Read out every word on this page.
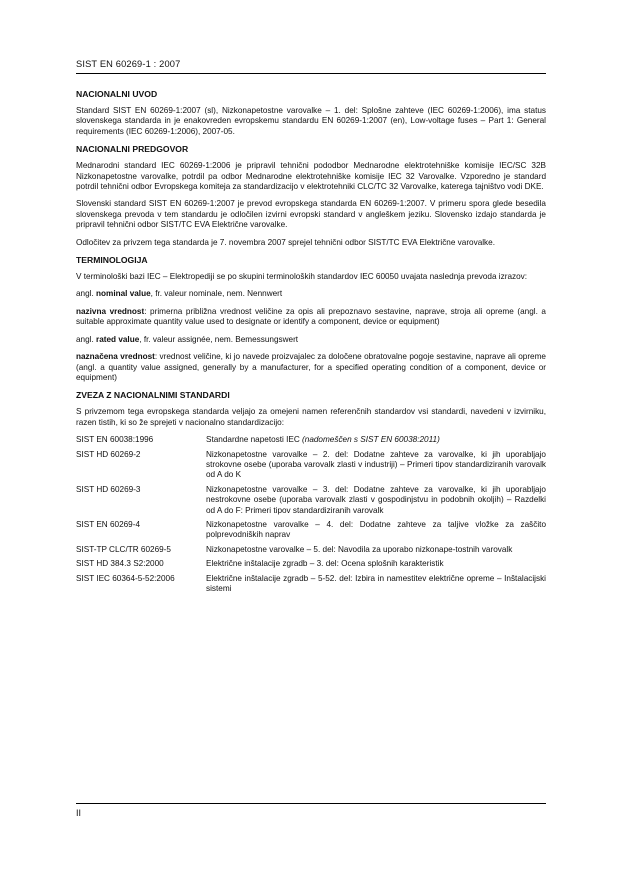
SIST EN 60269-1 : 2007
NACIONALNI UVOD

Standard SIST EN 60269-1:2007 (sl), Nizkonapetostne varovalke – 1. del: Splošne zahteve (IEC 60269-1:2006), ima status slovenskega standarda in je enakovreden evropskemu standardu EN 60269-1:2007 (en), Low-voltage fuses – Part 1: General requirements (IEC 60269-1:2006), 2007-05.

NACIONALNI PREDGOVOR

Mednarodni standard IEC 60269-1:2006 je pripravil tehnični pododbor Mednarodne elektrotehniške komisije IEC/SC 32B Nizkonapetostne varovalke, potrdil pa odbor Mednarodne elektrotehniške komisije IEC 32 Varovalke. Vzporedno je standard potrdil tehnični odbor Evropskega komiteja za standardizacijo v elektrotehniki CLC/TC 32 Varovalke, katerega tajništvo vodi DKE.

Slovenski standard SIST EN 60269-1:2007 je prevod evropskega standarda EN 60269-1:2007. V primeru spora glede besedila slovenskega prevoda v tem standardu je odločilen izvirni evropski standard v angleškem jeziku. Slovensko izdajo standarda je pripravil tehnični odbor SIST/TC EVA Električne varovalke.

Odločitev za privzem tega standarda je 7. novembra 2007 sprejel tehnični odbor SIST/TC EVA Električne varovalke.

TERMINOLOGIJA

V terminološki bazi IEC – Elektropediji se po skupini terminoloških standardov IEC 60050 uvajata naslednja prevoda izrazov:

angl. nominal value, fr. valeur nominale, nem. Nennwert

nazivna vrednost: primerna približna vrednost veličine za opis ali prepoznavo sestavine, naprave, stroja ali opreme (angl. a suitable approximate quantity value used to designate or identify a component, device or equipment)

angl. rated value, fr. valeur assignée, nem. Bemessungswert

naznačena vrednost: vrednost veličine, ki jo navede proizvajalec za določene obratovalne pogoje sestavine, naprave ali opreme (angl. a quantity value assigned, generally by a manufacturer, for a specified operating condition of a component, device or equipment)

ZVEZA Z NACIONALNIMI STANDARDI

S privzemom tega evropskega standarda veljajo za omejeni namen referenčnih standardov vsi standardi, navedeni v izvirniku, razen tistih, ki so že sprejeti v nacionalno standardizacijo:

SIST EN 60038:1996	Standardne napetosti IEC (nadomeščen s SIST EN 60038:2011)
SIST HD 60269-2	Nizkonapetostne varovalke – 2. del: Dodatne zahteve za varovalke, ki jih uporabljajo strokovne osebe (uporaba varovalk zlasti v industriji) – Primeri tipov standardiziranih varovalk od A do K
SIST HD 60269-3	Nizkonapetostne varovalke – 3. del: Dodatne zahteve za varovalke, ki jih uporabljajo nestrokovne osebe (uporaba varovalk zlasti v gospodinjstvu in podobnih okoljih) – Razdelki od A do F: Primeri tipov standardiziranih varovalk
SIST EN 60269-4	Nizkonapetostne varovalke – 4. del: Dodatne zahteve za taljive vložke za zaščito polprevodniških naprav
SIST-TP CLC/TR 60269-5	Nizkonapetostne varovalke – 5. del: Navodila za uporabo nizkonape-tostnih varovalk
SIST HD 384.3 S2:2000	Električne inštalacije zgradb – 3. del: Ocena splošnih karakteristik
SIST IEC 60364-5-52:2006	Električne inštalacije zgradb – 5-52. del: Izbira in namestitev električne opreme – Inštalacijski sistemi
II
